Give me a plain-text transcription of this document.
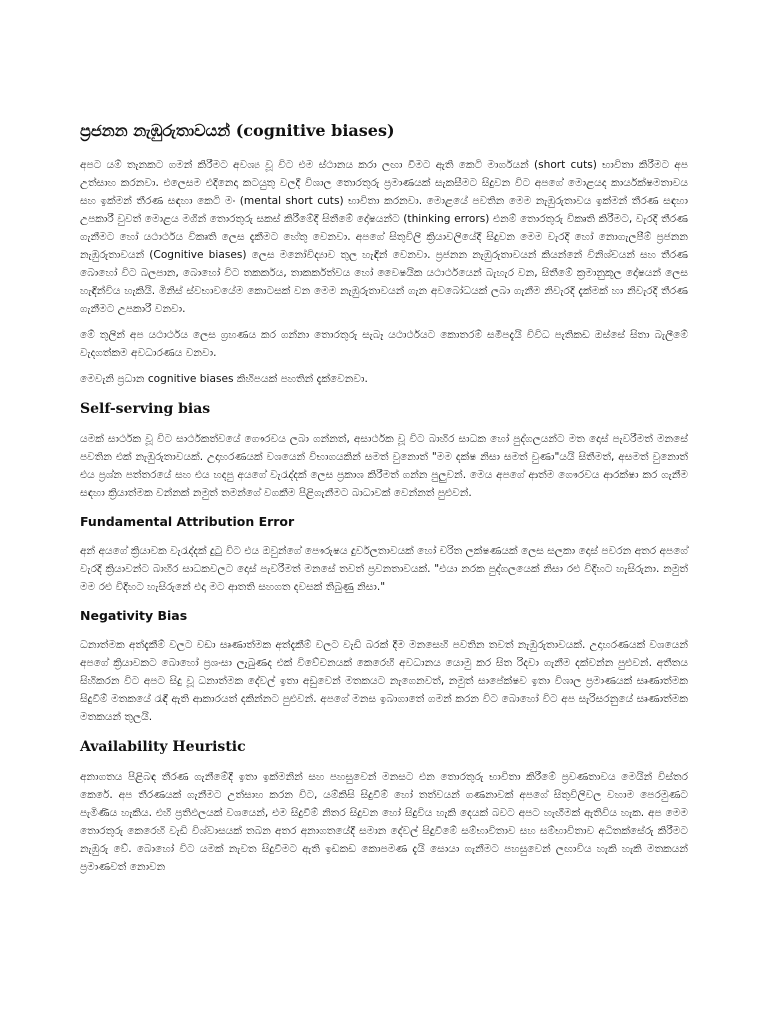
ප්‍රජනන නැඹුරුතාවයන් (cognitive biases)

අපට යම් තැනකට ගමන් කිරීමට අවශ්‍ය වූ විට එම ස්ථානය කරා ලඟා වීමට ඇති කෙටි මාර්ගයන් (short cuts) භාවිතා කිරීමට අප උත්සාහ කරනවා. එලෙසම එදිනෙදා කටයුතු වලදී විශාල තොරතුරු ප්‍රමාණයක් සැකසීමට සිදුවන විට අපගේ මොළයද කාර්යක්ෂමතාවය සහ ඉක්මන් තීරණ සඳහා කෙටි මං (mental short cuts) භාවිතා කරනවා. මොළයේ පවතින මෙම නැඹුරුතාවය ඉක්මන් තීරණ සඳහා උපකාරී වුවත් මොළය මගින් තොරතුරු සකස් කිරීමේදී සිතීමේ දෝෂයන්ට (thinking errors) එනම් තොරතුරු විකෘති කිරීමට, වැරදි තීරණ ගැනීමට හෝ යථාර්ථය විකෘති ලෙස දැකීමට හේතු වෙනවා. අපගේ සිතුවිලි ක්‍රියාවලියේදී සිදුවන මෙම වැරදි හෝ නොගැලපීම් ප්‍රජනන නැඹුරුතාවයන් (Cognitive biases) ලෙස මනෝවිද්‍යාව තුල හැඳින් වෙනවා. ප්‍රජනන නැඹුරුතාවයන් කියන්නේ විනිශ්චයන් සහ තීරණ බොහෝ විට බලපාන, බොහෝ විට තකර්කය, තාකර්කත්වය හෝ වෛෂයික යථාර්ථයෙන් බැහැර වන, සිතීමේ ක්‍රමානුකූල දෝෂයන් ලෙස හැඳින්විය හැකියි. මිනිස් ස්වභාවයේම කොටසක් වන මෙම නැඹුරුතාවයන් ගැන අවබෝධයක් ලබා ගැනීම නිවැරදි දැක්මක් හා නිවැරදි තීරණ ගැනීමට උපකාරී වනවා.

මේ තුලින් අප යථාර්ථය ලෙස ග්‍රහණය කර ගන්නා තොරතුරු සැබෑ යථාර්ථයට කොතරම් සමීපදැයි විවිධ පැතිකඩ ඔස්සේ සිතා බැලීමේ වැදගත්කම අවධාරණය වනවා.

මෙවැනි ප්‍රධාන cognitive biases කිහිපයක් පහතින් දැක්වෙනවා.

Self-serving bias

යමක් සාර්ථක වූ විට සාර්ථකත්වයේ ගෞරවය ලබා ගන්නත්, අසාර්ථක වූ විට බාහිර සාධක හෝ පුද්ගලයන්ට මත දොස් පැවරීමත් මනසේ පවතින එක් නැඹුරුතාවයක්. උදාහරණයක් වශයෙන් විභාගයකින් සමත් වුනොත් "මම දක්ෂ නිසා සමත් වුණා"යයි සිතීමත්, අසමත් වුනොත් එය ප්‍රශ්න පත්තරයේ සහ එය හදපු අයගේ වැරැද්දක් ලෙස ප්‍රකාශ කිරීමත් ගන්න පුලුවන්. මෙය අපගේ ආත්ම ගෞරවය ආරක්ෂා කර ගැනීම සඳහා ක්‍රියාත්මක වන්නක් නමුත් තමන්ගේ වගකීම පිළිගැනීමට බාධාවක් වෙන්නත් පුළුවන්.

Fundamental Attribution Error

අන් අයගේ ක්‍රියාවක වැරැද්දක් දුටු විට එය ඔවුන්ගේ පෞරුෂය දුර්වලතාවයක් හෝ චරිත ලක්ෂණයක් ලෙස සලකා දොස් පවරන අතර අපගේ වැරදි ක්‍රියාවන්ට බාහිර සාධකවලට දොස් පැවරීමත් මනසේ තවත් ප්‍රවනතාවයක්. "එයා නරක පුද්ගලයෙක් නිසා රළු විදිහට හැසිරුනා. නමුත් මම රළු විදිහට හැසිරුනේ එදා මට ආතති සහගත දවසක් තිබුණු නිසා."

Negativity Bias

ධනාත්මක අත්දැකීම් වලට වඩා සෘණාත්මක අත්දැකීම් වලට වැඩි බරක් දීම මනසෙහි පවතින තවත් නැඹුරුතාවයක්. උදාහරණයක් වශයෙන් අපගේ ක්‍රියාවකට බොහෝ ප්‍රශංසා ලැබුණද එක් විවේචනයක් කෙරෙහි අවධානය යොමු කර සිත රිදවා ගැනීම දක්වන්න පුළුවන්. අතීතය සිහිකරන විට අපට සිදු වූ ධනාත්මක දේවල් ඉතා අඩුවෙන් මතකයට නැගෙනවත්, නමුත් සාපේක්ෂව ඉතා විශාල ප්‍රමාණයක් සෘණාත්මක සිදුවීම් මතකයේ රැඳී ඇති ආකාරයත් දකින්නට පුළුවන්. අපගේ මනස ඉබාගාතේ ගමන් කරන විට බොහෝ විට අප සැරිසරනුයේ සෘණාත්මක මතකයන් තුලයි.

Availability Heuristic

අනාගතය පිළිබඳ තීරණ ගැනීමේදී ඉතා ඉක්මනින් සහ පහසුවෙන් මනසට එන තොරතුරු භාවිතා කිරීමේ ප්‍රවණතාවය මෙයින් විස්තර කෙරේ. අප තීරණයක් ගැනීමට උත්සාහ කරන විට, යම්කිසි සිදුවීම් හෝ තත්වයන් ගණනාවක් අපගේ සිතුවිලිවල වහාම පෙරමුණට පැමිණිය හැකිය. එහි ප්‍රතිඵලයක් වශයෙන්, එම සිදුවීම් නිතර සිදුවන හෝ සිදුවිය හැකි දෙයක් බවට අපට හැඟීමක් ඇතිවිය හැක. අප මෙම තොරතුරු කෙරෙහි වැඩි විශ්වාසයක් තබන අතර අනාගතයේදී සමාන දේවල් සිදුවීමේ සම්භාවිතාව සහ සම්භාවිතාව අධිතක්සේරු කිරීමට නැඹුරු වේ. බොහෝ විට යමක් නැවත සිදුවීමට ඇති ඉඩකඩ කොපමණ දැයි සොයා ගැනීමට පහසුවෙන් ලඟාවිය හැකි හැකි මතකයන් ප්‍රමාණවත් නොවන
